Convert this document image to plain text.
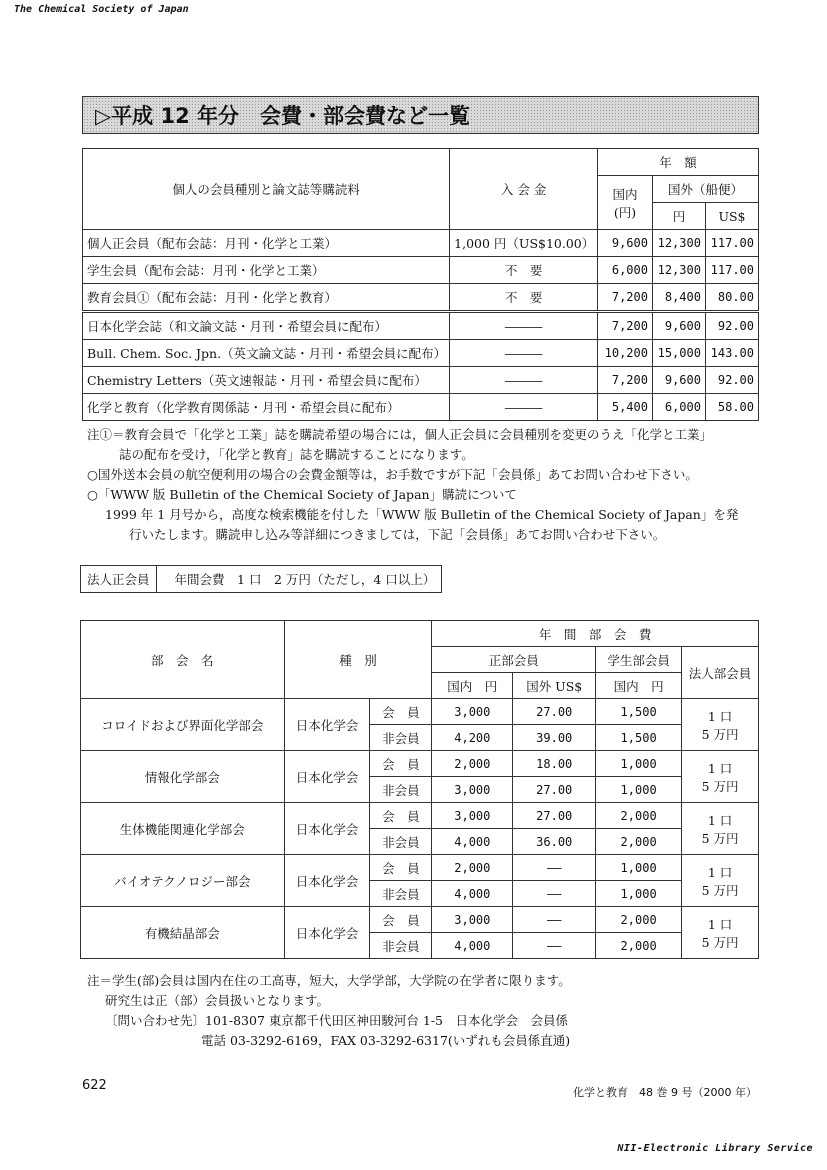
The Chemical Society of Japan
▷平成 12 年分　会費・部会費など一覧
個人の会員種別と論文誌等購読料	入 会 金	年　額		
		国内
(円)	国外（船便）	
			円	US$
個人正会員（配布会誌：月刊・化学と工業）	1,000 円（US$10.00）	9,600	12,300	117.00
学生会員（配布会誌：月刊・化学と工業）	不　要	6,000	12,300	117.00
教育会員①（配布会誌：月刊・化学と教育）	不　要	7,200	8,400	80.00
日本化学会誌（和文論文誌・月刊・希望会員に配布）	―――	7,200	9,600	92.00
Bull. Chem. Soc. Jpn.（英文論文誌・月刊・希望会員に配布）	―――	10,200	15,000	143.00
Chemistry Letters（英文速報誌・月刊・希望会員に配布）	―――	7,200	9,600	92.00
化学と教育（化学教育関係誌・月刊・希望会員に配布）	―――	5,400	6,000	58.00

注①＝教育会員で「化学と工業」誌を購読希望の場合には，個人正会員に会員種別を変更のうえ「化学と工業」

誌の配布を受け，「化学と教育」誌を購読することになります。

○国外送本会員の航空便利用の場合の会費金額等は，お手数ですが下記「会員係」あてお問い合わせ下さい。

○「WWW 版 Bulletin of the Chemical Society of Japan」購読について

1999 年 1 月号から，高度な検索機能を付した「WWW 版 Bulletin of the Chemical Society of Japan」を発

行いたします。購読申し込み等詳細につきましては，下記「会員係」あてお問い合わせ下さい。

法人正会員	年間会費　1 口　2 万円（ただし，4 口以上）
部　会　名	種　別		年　間　部　会　費			
			正部会員		学生部会員	法人部会員
			国内　円	国外 US$	国内　円	
コロイドおよび界面化学部会	日本化学会	会　員	3,000	27.00	1,500	1 口
5 万円

		非会員	4,200	39.00	1,500	
情報化学部会	日本化学会	会　員	2,000	18.00	1,000	1 口
5 万円

		非会員	3,000	27.00	1,000	
生体機能関連化学部会	日本化学会	会　員	3,000	27.00	2,000	1 口
5 万円

		非会員	4,000	36.00	2,000	
バイオテクノロジー部会	日本化学会	会　員	2,000	――	1,000	1 口
5 万円

		非会員	4,000	――	1,000	
有機結晶部会	日本化学会	会　員	3,000	――	2,000	1 口
5 万円

		非会員	4,000	――	2,000	

注＝学生(部)会員は国内在住の工高専，短大，大学学部，大学院の在学者に限ります。

研究生は正（部）会員扱いとなります。

〔問い合わせ先〕101-8307 東京都千代田区神田駿河台 1-5　日本化学会　会員係

電話 03-3292-6169，FAX 03-3292-6317(いずれも会員係直通)

622	化学と教育　48 巻 9 号（2000 年）
NII-Electronic Library Service
